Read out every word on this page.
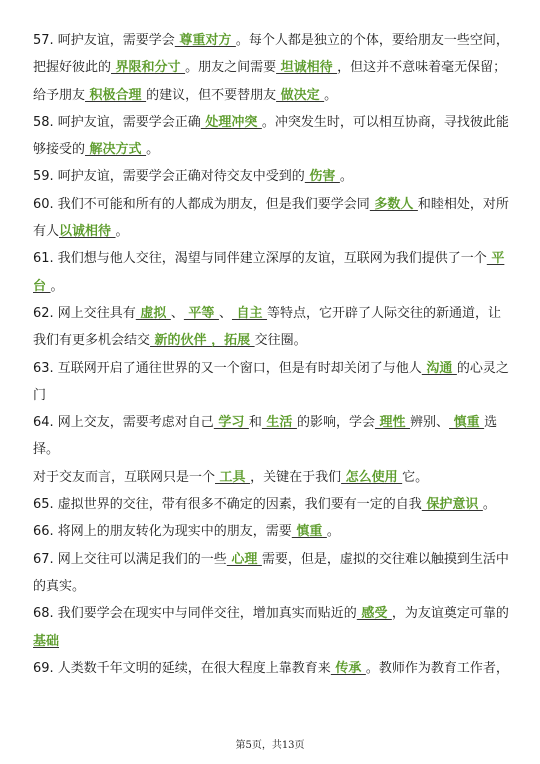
57. 呵护友谊，需要学会 尊重对方 。每个人都是独立的个体，要给朋友一些空间，
把握好彼此的 界限和分寸 。朋友之间需要 坦诚相待 ，但这并不意味着毫无保留；
给予朋友 积极合理 的建议，但不要替朋友 做决定 。
58. 呵护友谊，需要学会正确 处理冲突 。冲突发生时，可以相互协商，寻找彼此能
够接受的 解决方式 。
59. 呵护友谊，需要学会正确对待交友中受到的 伤害 。
60. 我们不可能和所有的人都成为朋友，但是我们要学会同 多数人 和睦相处，对所
有人以诚相待 。
61. 我们想与他人交往，渴望与同伴建立深厚的友谊，互联网为我们提供了一个 平
台 。
62. 网上交往具有 虚拟 、 平等 、 自主 等特点，它开辟了人际交往的新通道，让
我们有更多机会结交 新的伙伴 ，拓展 交往圈。
63. 互联网开启了通往世界的又一个窗口，但是有时却关闭了与他人 沟通 的心灵之
门
64. 网上交友，需要考虑对自己 学习 和 生活 的影响，学会 理性 辨别、 慎重 选
择。
对于交友而言，互联网只是一个 工具 ，关键在于我们 怎么使用 它。
65. 虚拟世界的交往，带有很多不确定的因素，我们要有一定的自我 保护意识 。
66. 将网上的朋友转化为现实中的朋友，需要 慎重 。
67. 网上交往可以满足我们的一些 心理 需要，但是，虚拟的交往难以触摸到生活中
的真实。
68. 我们要学会在现实中与同伴交往，增加真实而贴近的 感受 ，为友谊奠定可靠的
基础
69. 人类数千年文明的延续，在很大程度上靠教育来 传承 。教师作为教育工作者，
第5页，共13页
